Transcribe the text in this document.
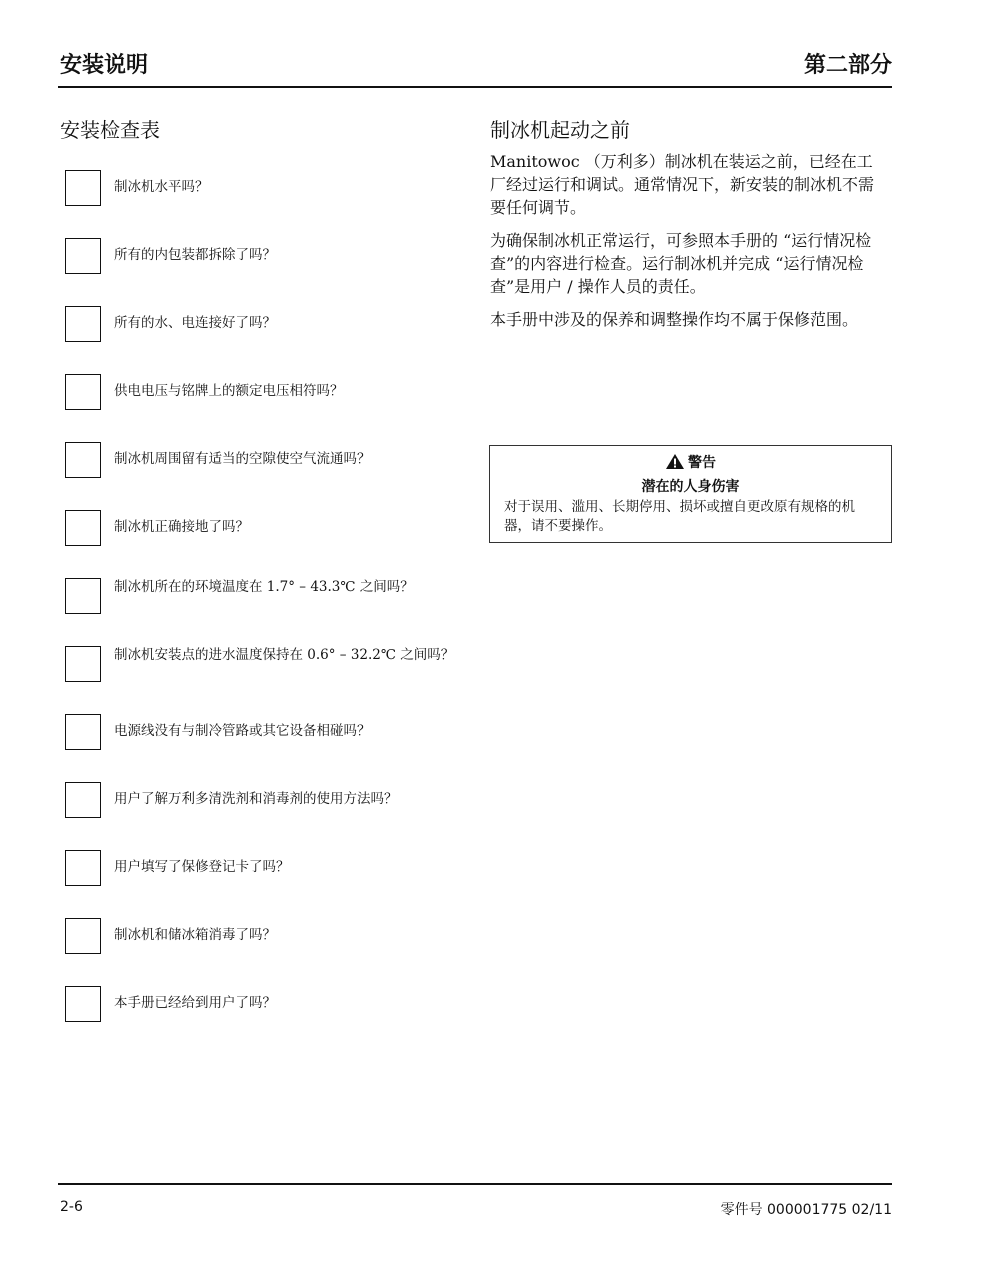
安装说明	第二部分
安装检查表	制冰机起动之前
制冰机水平吗？
所有的内包装都拆除了吗？
所有的水、电连接好了吗？
供电电压与铭牌上的额定电压相符吗？
制冰机周围留有适当的空隙使空气流通吗？
制冰机正确接地了吗？
制冰机所在的环境温度在 1.7° – 43.3℃ 之间吗？
制冰机安装点的进水温度保持在 0.6° – 32.2℃ 之间吗？
电源线没有与制冷管路或其它设备相碰吗？
用户了解万利多清洗剂和消毒剂的使用方法吗？
用户填写了保修登记卡了吗？
制冰机和储冰箱消毒了吗？
本手册已经给到用户了吗？

Manitowoc （万利多）制冰机在装运之前，已经在工厂经过运行和调试。通常情况下，新安装的制冰机不需要任何调节。

为确保制冰机正常运行，可参照本手册的 “运行情况检查”的内容进行检查。运行制冰机并完成 “运行情况检查”是用户 / 操作人员的责任。

本手册中涉及的保养和调整操作均不属于保修范围。

警告
潜在的人身伤害
对于误用、滥用、长期停用、损坏或擅自更改原有规格的机器，请不要操作。
2-6	零件号 000001775 02/11
